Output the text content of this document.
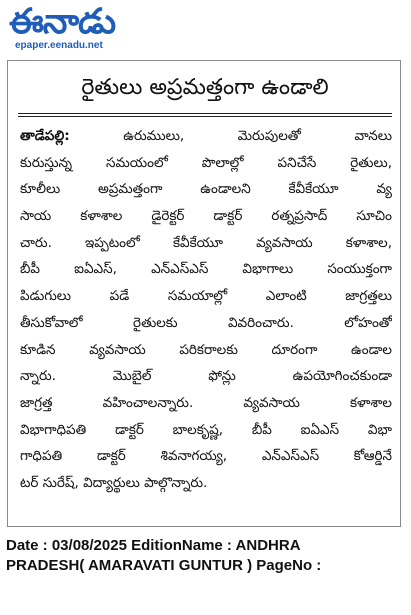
ఈనాడు
epaper.eenadu.net
రైతులు అప్రమత్తంగా ఉండాలి
తాడేపల్లి:	ఉరుములు, మెరుపులతో వానలు
కురుస్తున్న సమయంలో పొలాల్లో పనిచేసే రైతులు,
కూలీలు అప్రమత్తంగా ఉండాలని కేవీకేయూ వ్య
సాయ కళాశాల డైరెక్టర్ డాక్టర్ రత్నప్రసాద్ సూచిం
చారు. ఇప్పటంలో కేవీకేయూ వ్యవసాయ కళాశాల,
బీపీ ఐఏఎస్, ఎన్ఎస్ఎస్ విభాగాలు సంయుక్తంగా
పిడుగులు పడే సమయాల్లో ఎలాంటి జాగ్రత్తలు
తీసుకోవాలో రైతులకు వివరించారు. లోహంతో
కూడిన వ్యవసాయ పరికరాలకు దూరంగా ఉండాల
న్నారు. మొబైల్ ఫోన్లు ఉపయోగించకుండా
జాగ్రత్త వహించాలన్నారు. వ్యవసాయ కళాశాల
విభాగాధిపతి డాక్టర్ బాలకృష్ణ, బీపీ ఐఏఎస్ విభా
గాధిపతి డాక్టర్ శివనాగయ్య, ఎన్ఎస్ఎస్ కోఆర్డినే
టర్ సురేష్, విద్యార్థులు పాల్గొన్నారు.
Date : 03/08/2025 EditionName : ANDHRA
PRADESH( AMARAVATI GUNTUR ) PageNo :
